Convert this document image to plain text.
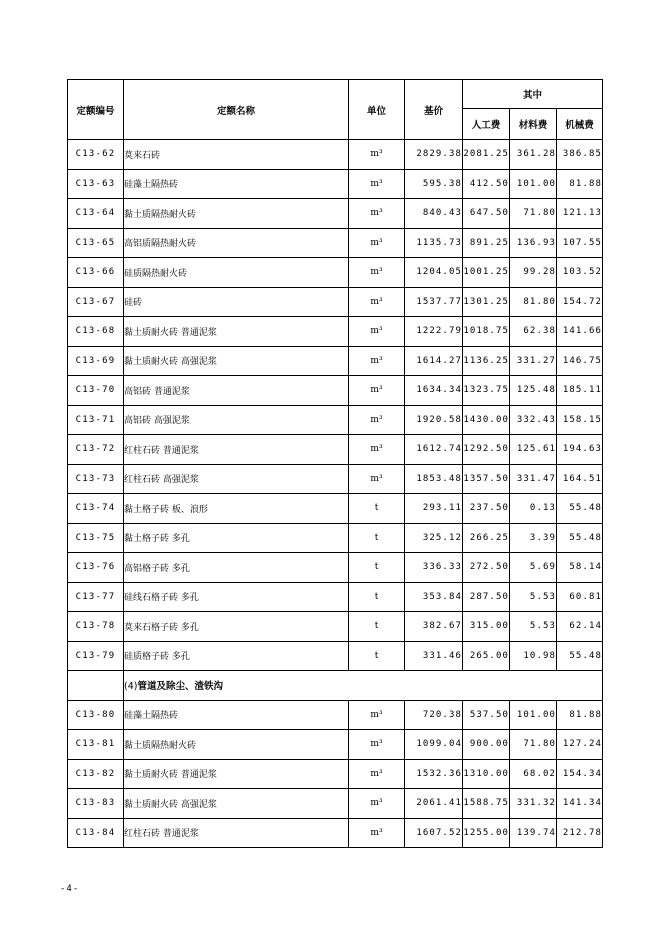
定额编号	定额名称	单位	基价	其中		
				人工费	材料费	机械费
C13-62	莫来石砖	m³	2829.38	2081.25	361.28	386.85
C13-63	硅藻土隔热砖	m³	595.38	412.50	101.00	81.88
C13-64	黏土质隔热耐火砖	m³	840.43	647.50	71.80	121.13
C13-65	高铝质隔热耐火砖	m³	1135.73	891.25	136.93	107.55
C13-66	硅质隔热耐火砖	m³	1204.05	1001.25	99.28	103.52
C13-67	硅砖	m³	1537.77	1301.25	81.80	154.72
C13-68	黏土质耐火砖 普通泥浆	m³	1222.79	1018.75	62.38	141.66
C13-69	黏土质耐火砖 高强泥浆	m³	1614.27	1136.25	331.27	146.75
C13-70	高铝砖 普通泥浆	m³	1634.34	1323.75	125.48	185.11
C13-71	高铝砖 高强泥浆	m³	1920.58	1430.00	332.43	158.15
C13-72	红柱石砖 普通泥浆	m³	1612.74	1292.50	125.61	194.63
C13-73	红柱石砖 高强泥浆	m³	1853.48	1357.50	331.47	164.51
C13-74	黏土格子砖 板、浪形	t	293.11	237.50	0.13	55.48
C13-75	黏土格子砖 多孔	t	325.12	266.25	3.39	55.48
C13-76	高铝格子砖 多孔	t	336.33	272.50	5.69	58.14
C13-77	硅线石格子砖 多孔	t	353.84	287.50	5.53	60.81
C13-78	莫来石格子砖 多孔	t	382.67	315.00	5.53	62.14
C13-79	硅质格子砖 多孔	t	331.46	265.00	10.98	55.48
	(4)管道及除尘、渣铁沟					
C13-80	硅藻土隔热砖	m³	720.38	537.50	101.00	81.88
C13-81	黏土质隔热耐火砖	m³	1099.04	900.00	71.80	127.24
C13-82	黏土质耐火砖 普通泥浆	m³	1532.36	1310.00	68.02	154.34
C13-83	黏土质耐火砖 高强泥浆	m³	2061.41	1588.75	331.32	141.34
C13-84	红柱石砖 普通泥浆	m³	1607.52	1255.00	139.74	212.78
-4-
